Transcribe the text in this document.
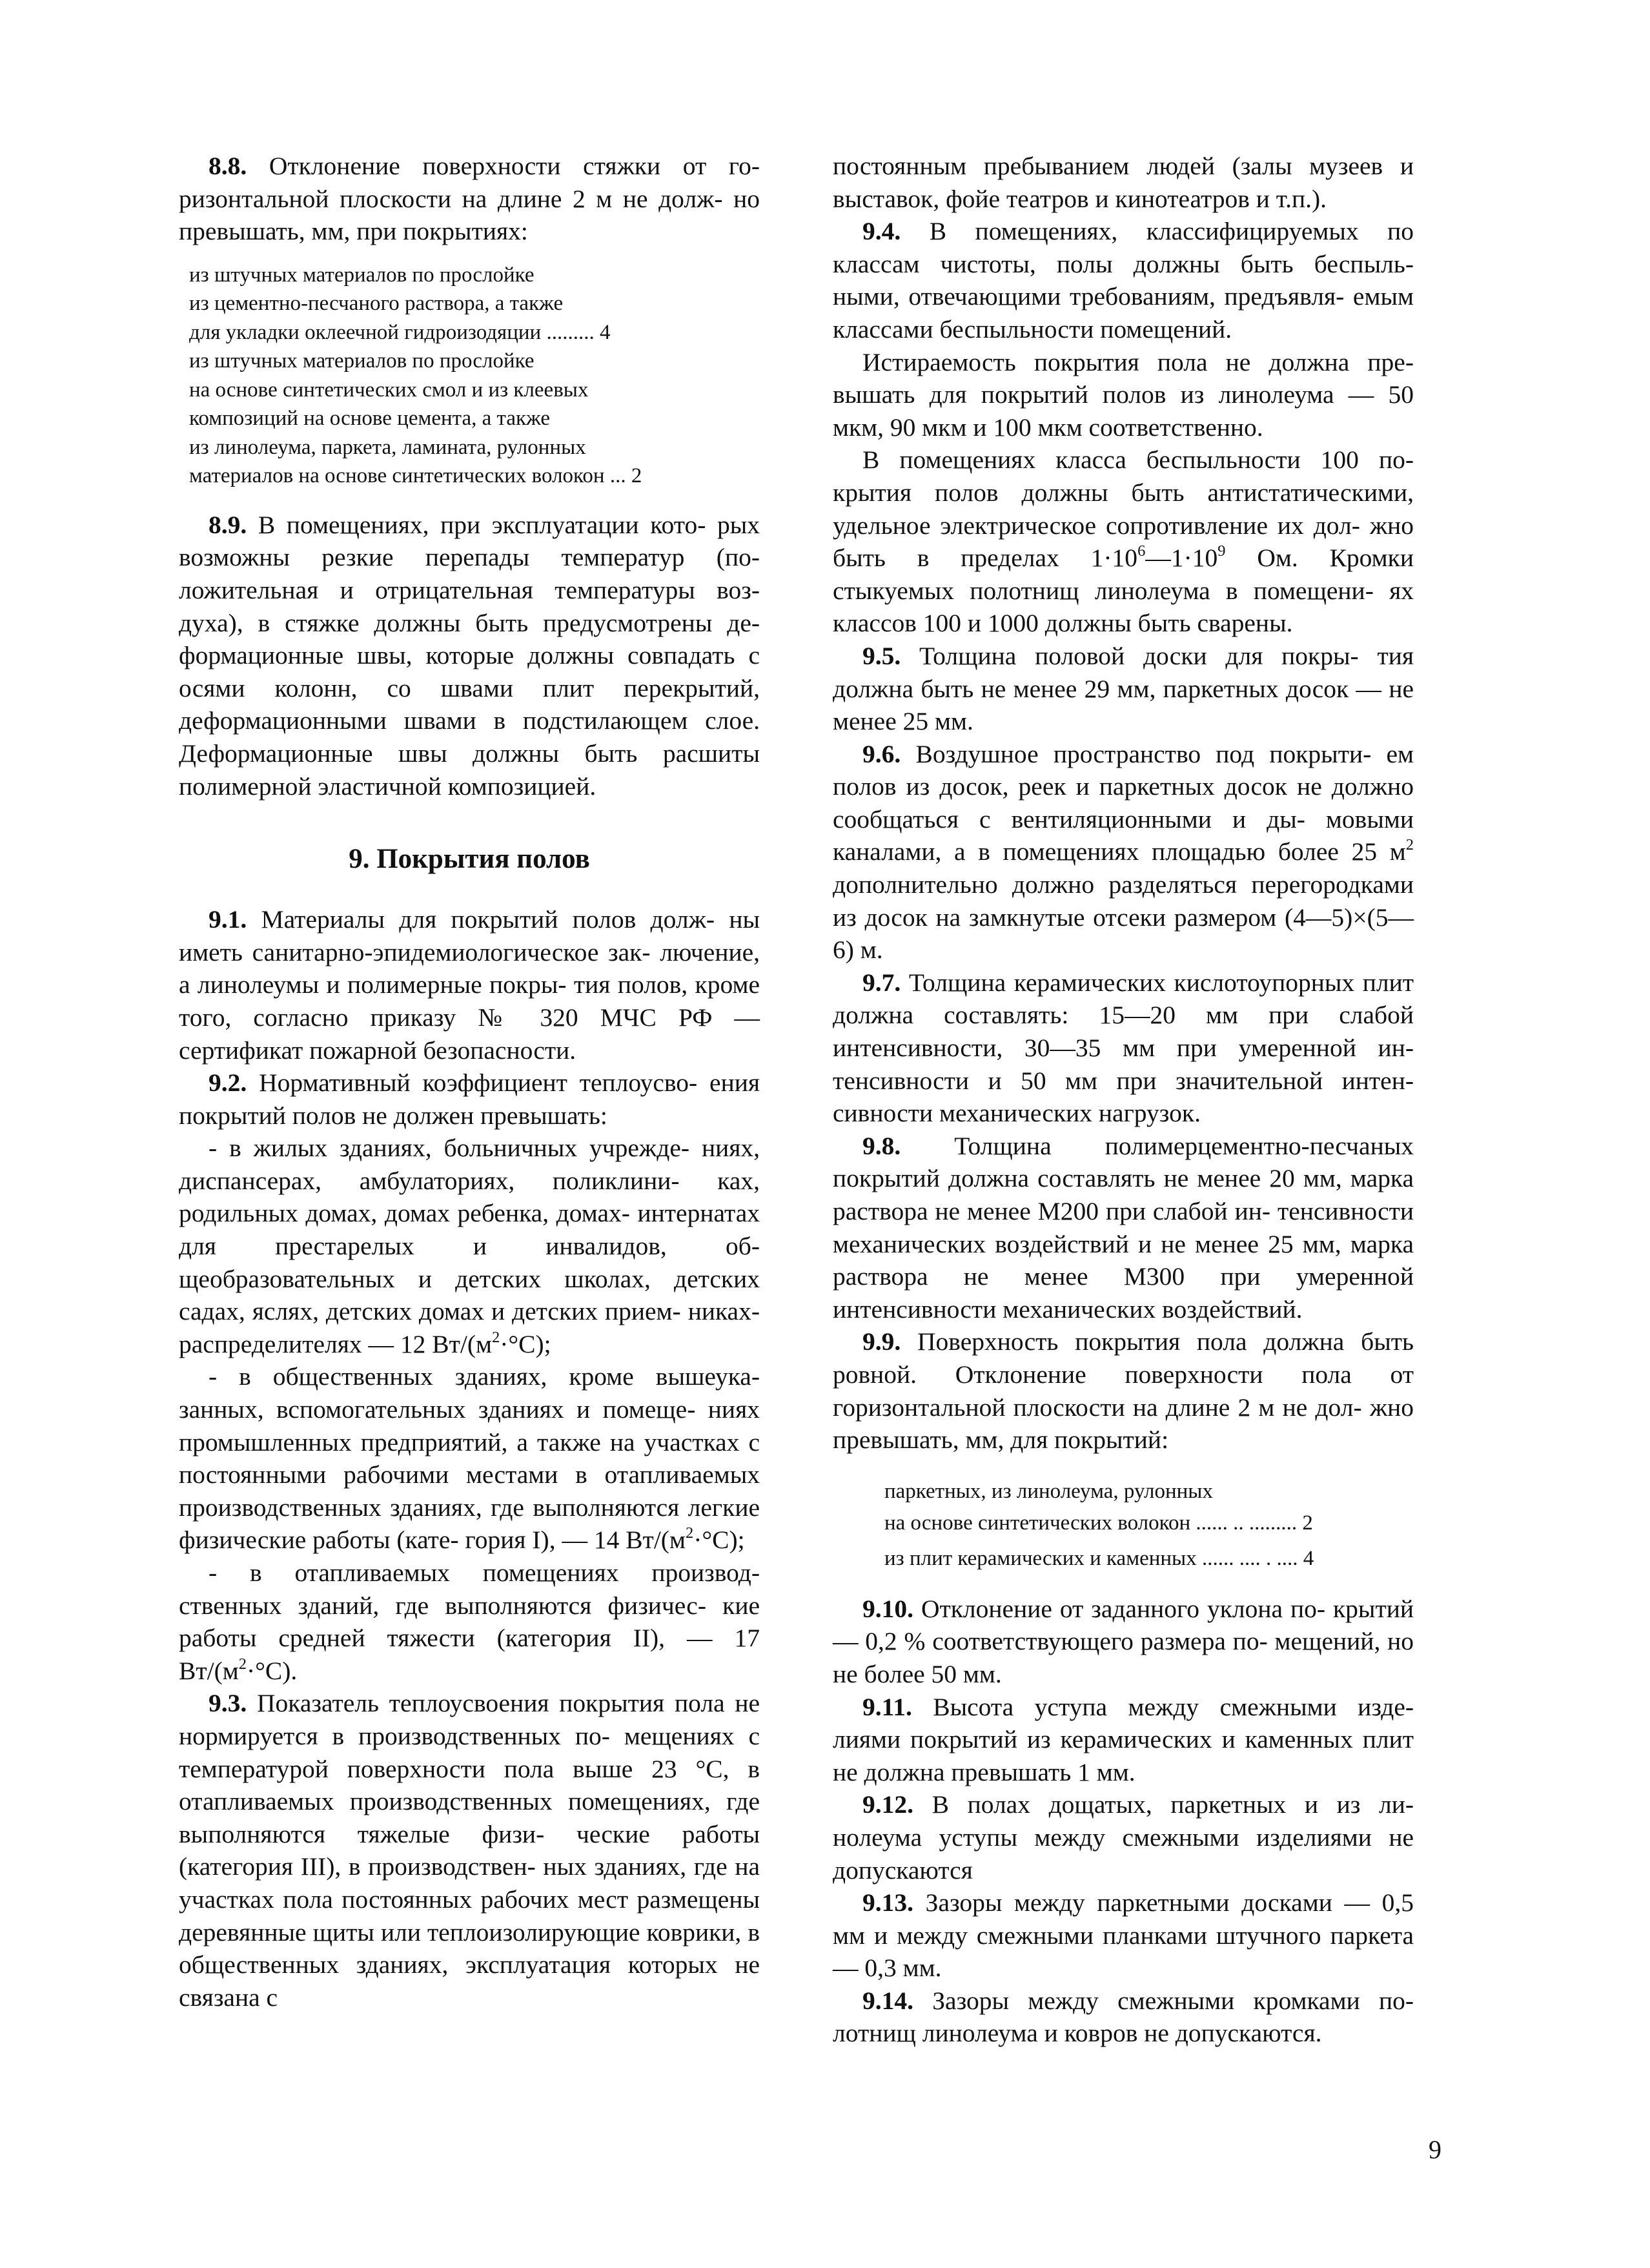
8.8. Отклонение поверхности стяжки от го- ризонтальной плоскости на длине 2 м не долж- но превышать, мм, при покрытиях:

из штучных материалов по прослойке
из цементно-песчаного раствора, а также
для укладки оклеечной гидроизодяции ......... 4
из штучных материалов по прослойке
на основе синтетических смол и из клеевых
композиций на основе цемента, а также
из линолеума, паркета, ламината, рулонных
материалов на основе синтетических волокон ... 2

8.9. В помещениях, при эксплуатации кото- рых возможны резкие перепады температур (по- ложительная и отрицательная температуры воз- духа), в стяжке должны быть предусмотрены де- формационные швы, которые должны совпадать с осями колонн, со швами плит перекрытий, деформационными швами в подстилающем слое. Деформационные швы должны быть расшиты полимерной эластичной композицией.

9. Покрытия полов

9.1. Материалы для покрытий полов долж- ны иметь санитарно-эпидемиологическое зак- лючение, а линолеумы и полимерные покры- тия полов, кроме того, согласно приказу № 320 МЧС РФ — сертификат пожарной безопасности.

9.2. Нормативный коэффициент теплоусво- ения покрытий полов не должен превышать:

- в жилых зданиях, больничных учрежде- ниях, диспансерах, амбулаториях, поликлини- ках, родильных домах, домах ребенка, домах- интернатах для престарелых и инвалидов, об- щеобразовательных и детских школах, детских садах, яслях, детских домах и детских прием- никах-распределителях — 12 $Вт/(м^2\cdot^\circ С)$;

- в общественных зданиях, кроме вышеука- занных, вспомогательных зданиях и помеще- ниях промышленных предприятий, а также на участках с постоянными рабочими местами в отапливаемых производственных зданиях, где выполняются легкие физические работы (кате- гория I), — 14 $Вт/(м^2\cdot^\circ С)$;

- в отапливаемых помещениях производ- ственных зданий, где выполняются физичес- кие работы средней тяжести (категория II), — 17 $Вт/(м^2\cdot^\circ С)$.

9.3. Показатель теплоусвоения покрытия пола не нормируется в производственных по- мещениях с температурой поверхности пола выше 23 °С, в отапливаемых производственных помещениях, где выполняются тяжелые физи- ческие работы (категория III), в производствен- ных зданиях, где на участках пола постоянных рабочих мест размещены деревянные щиты или теплоизолирующие коврики, в общественных зданиях, эксплуатация которых не связана с

постоянным пребыванием людей (залы музеев и выставок, фойе театров и кинотеатров и т.п.).

9.4. В помещениях, классифицируемых по классам чистоты, полы должны быть беспыль- ными, отвечающими требованиям, предъявля- емым классами беспыльности помещений.

Истираемость покрытия пола не должна пре- вышать для покрытий полов из линолеума — 50 мкм, 90 мкм и 100 мкм соответственно.

В помещениях класса беспыльности 100 по- крытия полов должны быть антистатическими, удельное электрическое сопротивление их дол- жно быть в пределах $1\cdot 10^6—1\cdot 10^9$ Ом. Кромки стыкуемых полотнищ линолеума в помещени- ях классов 100 и 1000 должны быть сварены.

9.5. Толщина половой доски для покры- тия должна быть не менее 29 мм, паркетных досок — не менее 25 мм.

9.6. Воздушное пространство под покрыти- ем полов из досок, реек и паркетных досок не должно сообщаться с вентиляционными и ды- мовыми каналами, а в помещениях площадью более 25 $м^2$ дополнительно должно разделяться перегородками из досок на замкнутые отсеки размером (4—5)×(5—6) м.

9.7. Толщина керамических кислотоупорных плит должна составлять: 15—20 мм при слабой интенсивности, 30—35 мм при умеренной ин- тенсивности и 50 мм при значительной интен- сивности механических нагрузок.

9.8. Толщина полимерцементно-песчаных покрытий должна составлять не менее 20 мм, марка раствора не менее М200 при слабой ин- тенсивности механических воздействий и не менее 25 мм, марка раствора не менее М300 при умеренной интенсивности механических воздействий.

9.9. Поверхность покрытия пола должна быть ровной. Отклонение поверхности пола от горизонтальной плоскости на длине 2 м не дол- жно превышать, мм, для покрытий:

паркетных, из линолеума, рулонных
на основе синтетических волокон ...... .. ......... 2
из плит керамических и каменных ...... .... . .... 4

9.10. Отклонение от заданного уклона по- крытий — 0,2 % соответствующего размера по- мещений, но не более 50 мм.

9.11. Высота уступа между смежными изде- лиями покрытий из керамических и каменных плит не должна превышать 1 мм.

9.12. В полах дощатых, паркетных и из ли- нолеума уступы между смежными изделиями не допускаются

9.13. Зазоры между паркетными досками — 0,5 мм и между смежными планками штучного паркета — 0,3 мм.

9.14. Зазоры между смежными кромками по- лотнищ линолеума и ковров не допускаются.

9
